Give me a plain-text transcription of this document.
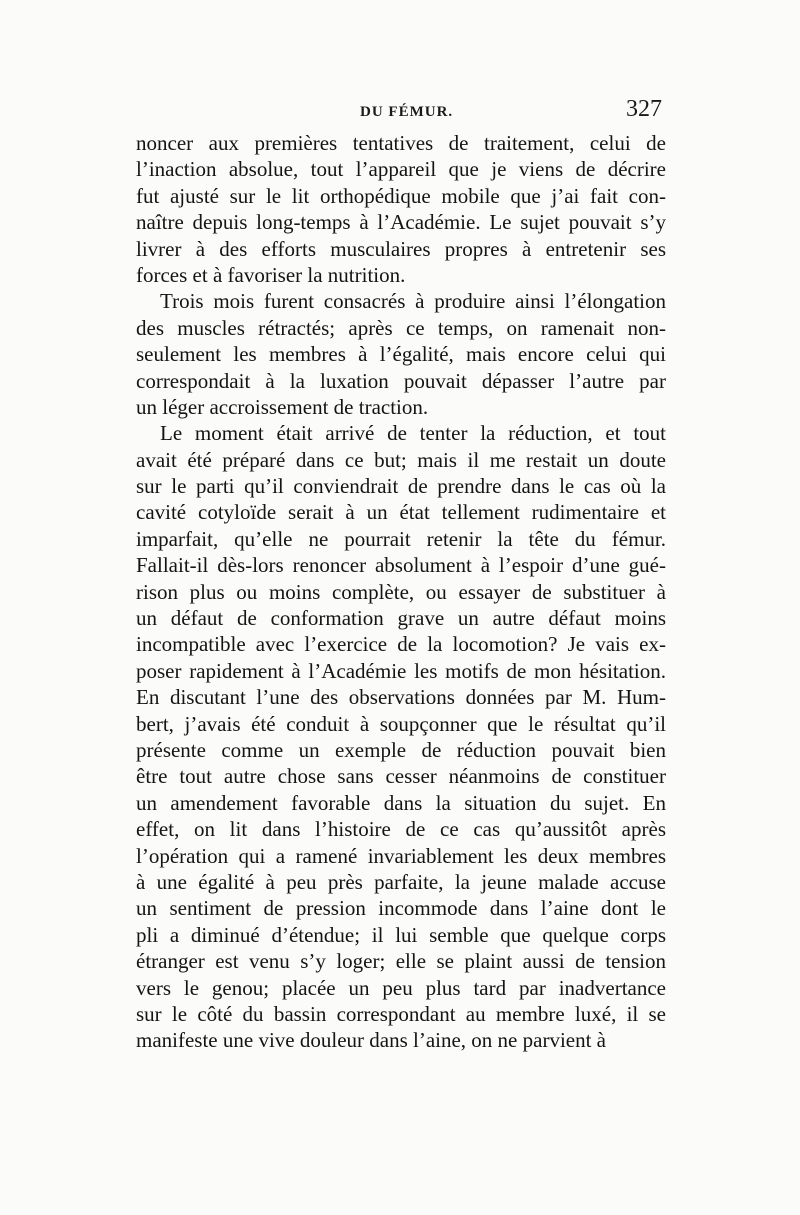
DU FÉMUR.	327
noncer aux premières tentatives de traitement, celui de
l’inaction absolue, tout l’appareil que je viens de décrire
fut ajusté sur le lit orthopédique mobile que j’ai fait con-
naître depuis long-temps à l’Académie. Le sujet pouvait s’y
livrer à des efforts musculaires propres à entretenir ses
forces et à favoriser la nutrition.
Trois mois furent consacrés à produire ainsi l’élongation
des muscles rétractés; après ce temps, on ramenait non-
seulement les membres à l’égalité, mais encore celui qui
correspondait à la luxation pouvait dépasser l’autre par
un léger accroissement de traction.
Le moment était arrivé de tenter la réduction, et tout
avait été préparé dans ce but; mais il me restait un doute
sur le parti qu’il conviendrait de prendre dans le cas où la
cavité cotyloïde serait à un état tellement rudimentaire et
imparfait, qu’elle ne pourrait retenir la tête du fémur.
Fallait-il dès-lors renoncer absolument à l’espoir d’une gué-
rison plus ou moins complète, ou essayer de substituer à
un défaut de conformation grave un autre défaut moins
incompatible avec l’exercice de la locomotion? Je vais ex-
poser rapidement à l’Académie les motifs de mon hésitation.
En discutant l’une des observations données par M. Hum-
bert, j’avais été conduit à soupçonner que le résultat qu’il
présente comme un exemple de réduction pouvait bien
être tout autre chose sans cesser néanmoins de constituer
un amendement favorable dans la situation du sujet. En
effet, on lit dans l’histoire de ce cas qu’aussitôt après
l’opération qui a ramené invariablement les deux membres
à une égalité à peu près parfaite, la jeune malade accuse
un sentiment de pression incommode dans l’aine dont le
pli a diminué d’étendue; il lui semble que quelque corps
étranger est venu s’y loger; elle se plaint aussi de tension
vers le genou; placée un peu plus tard par inadvertance
sur le côté du bassin correspondant au membre luxé, il se
manifeste une vive douleur dans l’aine, on ne parvient à
